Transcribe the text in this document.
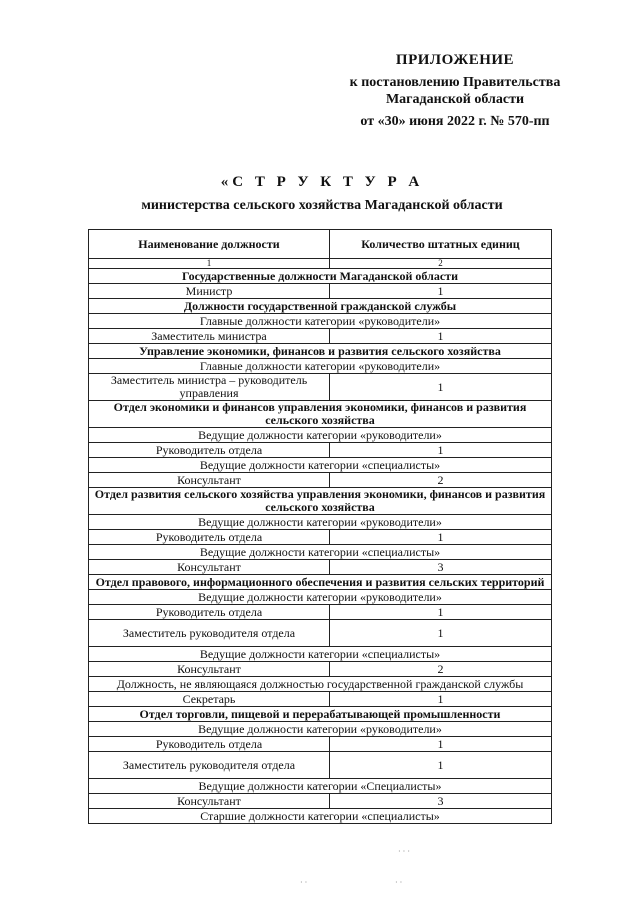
ПРИЛОЖЕНИЕ
к постановлению Правительства
Магаданской области
от «30» июня 2022 г. № 570-пп
«С Т Р У К Т У Р А
министерства сельского хозяйства Магаданской области
Наименование должности	Количество штатных единиц
1	2
Государственные должности Магаданской области	
Министр	1
Должности государственной гражданской службы	
Главные должности категории «руководители»	
Заместитель министра	1
Управление экономики, финансов и развития сельского хозяйства	
Главные должности категории «руководители»	
Заместитель министра – руководитель управления	1
Отдел экономики и финансов управления экономики, финансов и развития сельского хозяйства	
Ведущие должности категории «руководители»	
Руководитель отдела	1
Ведущие должности категории «специалисты»	
Консультант	2
Отдел развития сельского хозяйства управления экономики, финансов и развития сельского хозяйства	
Ведущие должности категории «руководители»	
Руководитель отдела	1
Ведущие должности категории «специалисты»	
Консультант	3
Отдел правового, информационного обеспечения и развития сельских территорий	
Ведущие должности категории «руководители»	
Руководитель отдела	1
Заместитель руководителя отдела	1
Ведущие должности категории «специалисты»	
Консультант	2
Должность, не являющаяся должностью государственной гражданской службы	
Секретарь	1
Отдел торговли, пищевой и перерабатывающей промышленности	
Ведущие должности категории «руководители»	
Руководитель отдела	1
Заместитель руководителя отдела	1
Ведущие должности категории «Специалисты»	
Консультант	3
Старшие должности категории «специалисты»	
· · ·
· ·	· ·
